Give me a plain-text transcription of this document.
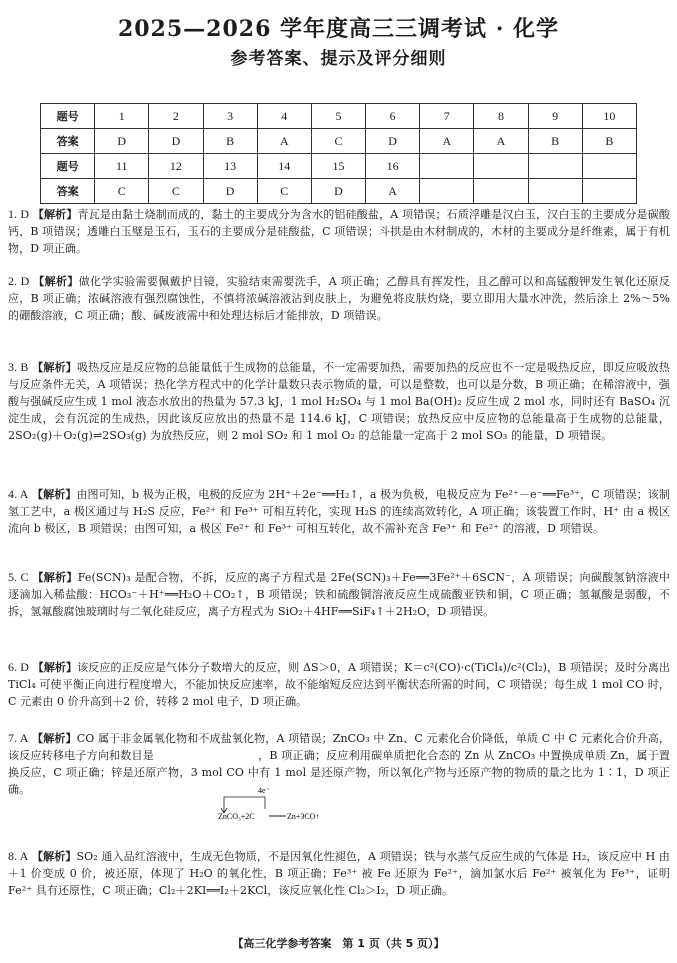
2025—2026 学年度高三三调考试 · 化学
参考答案、提示及评分细则
题号	1	2	3	4	5	6	7	8	9	10
答案	D	D	B	A	C	D	A	A	B	B
题号	11	12	13	14	15	16				
答案	C	C	D	C	D	A				
1. D 【解析】青瓦是由黏土烧制而成的，黏土的主要成分为含水的铝硅酸盐，A 项错误；石质浮雕是汉白玉，汉白玉的主要成分是碳酸钙，B 项错误；透雕白玉璧是玉石，玉石的主要成分是硅酸盐，C 项错误；斗拱是由木材制成的，木材的主要成分是纤维素，属于有机物，D 项正确。
2. D 【解析】做化学实验需要佩戴护目镜，实验结束需要洗手，A 项正确；乙醇具有挥发性，且乙醇可以和高锰酸钾发生氧化还原反应，B 项正确；浓碱溶液有强烈腐蚀性，不慎将浓碱溶液沾到皮肤上，为避免将皮肤灼烧，要立即用大量水冲洗，然后涂上 2%～5% 的硼酸溶液，C 项正确；酸、碱废液需中和处理达标后才能排放，D 项错误。
3. B 【解析】吸热反应是反应物的总能量低于生成物的总能量，不一定需要加热，需要加热的反应也不一定是吸热反应，即反应吸放热与反应条件无关，A 项错误；热化学方程式中的化学计量数只表示物质的量，可以是整数，也可以是分数，B 项正确；在稀溶液中，强酸与强碱反应生成 1 mol 液态水放出的热量为 57.3 kJ，1 mol H₂SO₄ 与 1 mol Ba(OH)₂ 反应生成 2 mol 水，同时还有 BaSO₄ 沉淀生成，会有沉淀的生成热，因此该反应放出的热量不是 114.6 kJ，C 项错误；放热反应中反应物的总能量高于生成物的总能量，2SO₂(g)＋O₂(g)⇌2SO₃(g) 为放热反应，则 2 mol SO₂ 和 1 mol O₂ 的总能量一定高于 2 mol SO₃ 的能量，D 项错误。
4. A 【解析】由图可知，b 极为正极，电极的反应为 2H⁺＋2e⁻══H₂↑，a 极为负极，电极反应为 Fe²⁺－e⁻══Fe³⁺，C 项错误；该制氢工艺中，a 极区通过与 H₂S 反应，Fe²⁺ 和 Fe³⁺ 可相互转化，实现 H₂S 的连续高效转化，A 项正确；该装置工作时，H⁺ 由 a 极区流向 b 极区，B 项错误；由图可知，a 极区 Fe²⁺ 和 Fe³⁺ 可相互转化，故不需补充含 Fe³⁺ 和 Fe²⁺ 的溶液，D 项错误。
5. C 【解析】Fe(SCN)₃ 是配合物，不拆，反应的离子方程式是 2Fe(SCN)₃＋Fe══3Fe²⁺＋6SCN⁻，A 项错误；向碳酸氢钠溶液中逐滴加入稀盐酸：HCO₃⁻＋H⁺══H₂O＋CO₂↑，B 项错误；铁和硫酸铜溶液反应生成硫酸亚铁和铜，C 项正确；氢氟酸是弱酸，不拆，氢氟酸腐蚀玻璃时与二氧化硅反应，离子方程式为 SiO₂＋4HF══SiF₄↑＋2H₂O，D 项错误。
6. D 【解析】该反应的正反应是气体分子数增大的反应，则 ΔS＞0，A 项错误；K＝c²(CO)·c(TiCl₄)/c²(Cl₂)，B 项错误；及时分离出 TiCl₄ 可使平衡正向进行程度增大，不能加快反应速率，故不能缩短反应达到平衡状态所需的时间，C 项错误；每生成 1 mol CO 时，C 元素由 0 价升高到＋2 价，转移 2 mol 电子，D 项正确。
7. A 【解析】CO 属于非金属氧化物和不成盐氧化物，A 项错误；ZnCO₃ 中 Zn、C 元素化合价降低，单质 C 中 C 元素化合价升高，该反应转移电子方向和数目是	，B 项正确；反应利用碳单质把化合态的 Zn 从 ZnCO₃ 中置换成单质 Zn，属于置换反应，C 项正确；锌是还原产物，3 mol CO 中有 1 mol 是还原产物，所以氧化产物与还原产物的物质的量之比为 1∶1，D 项正确。	4e⁻
ZnCO₃+2C	Zn+3CO↑
8. A 【解析】SO₂ 通入品红溶液中，生成无色物质，不是因氧化性褪色，A 项错误；铁与水蒸气反应生成的气体是 H₂，该反应中 H 由＋1 价变成 0 价，被还原，体现了 H₂O 的氧化性，B 项正确；Fe³⁺ 被 Fe 还原为 Fe²⁺，滴加氯水后 Fe²⁺ 被氧化为 Fe³⁺，证明 Fe²⁺ 具有还原性，C 项正确；Cl₂＋2KI══I₂＋2KCl，该反应氧化性 Cl₂＞I₂，D 项正确。
【高三化学参考答案　第 1 页（共 5 页）】
